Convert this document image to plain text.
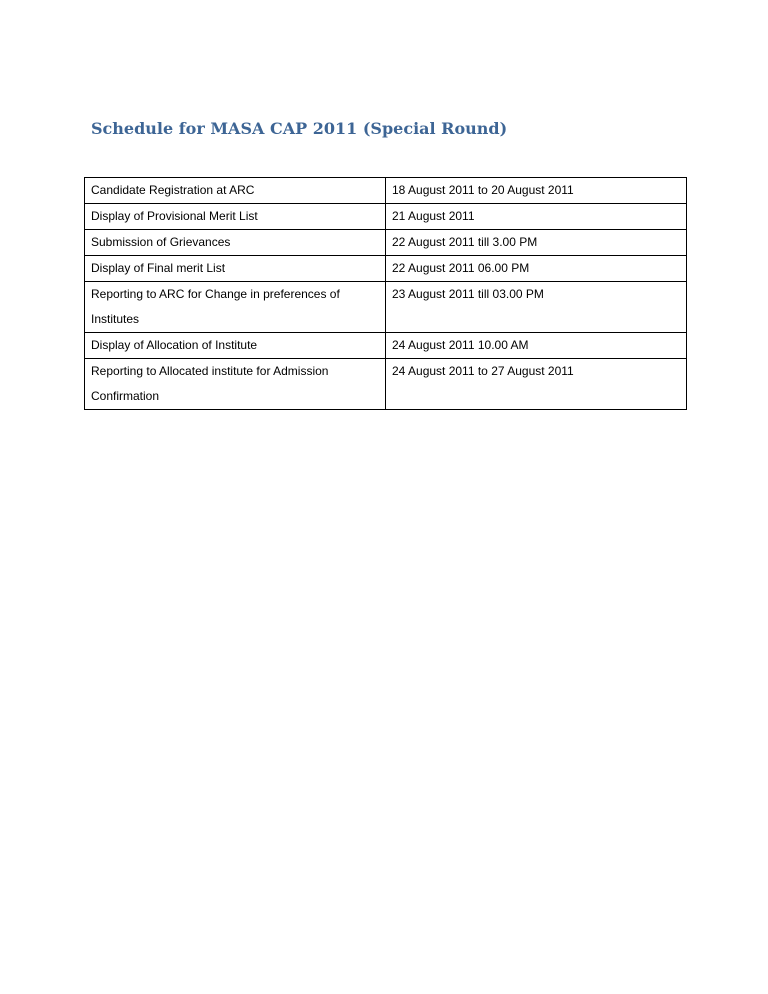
Schedule for MASA CAP 2011 (Special Round)
Candidate Registration at ARC	18 August 2011 to 20 August 2011
Display of Provisional Merit List	21 August 2011
Submission of Grievances	22 August 2011 till 3.00 PM
Display of Final merit List	22 August 2011 06.00 PM
Reporting to ARC for Change in preferences of Institutes	23 August 2011 till 03.00 PM
Display of Allocation of Institute	24 August 2011 10.00 AM
Reporting to Allocated institute for Admission Confirmation	24 August 2011 to 27 August 2011
